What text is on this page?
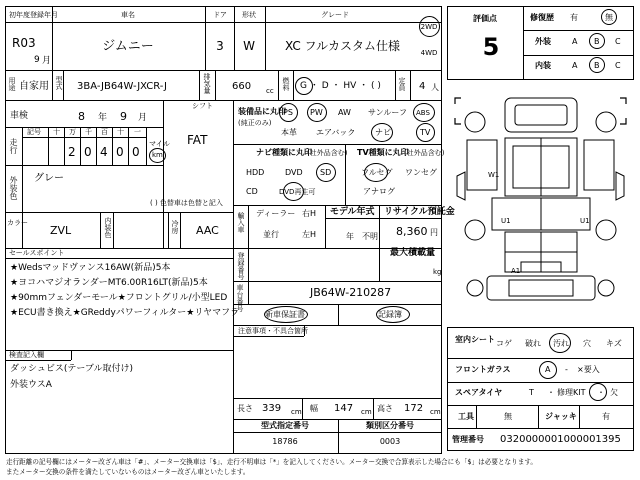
初年度登録年月
R03
9 月
車名
ジムニー
ドア
3
形状
W
グレード
XC フルカスタム仕様
2WD
4WD
用途 自家用 型式 3BA-JB64W-JXCR-J	排気量 660 cc 燃料 G ・ D ・ HV ・ ( ) 定員 4 人
車検	8 年 9 月
シフト
FAT
走行
記号 十 万 千 百 十 一
2 0 4 0 0
マイル
km
外装色 グレー
( ) 色替車は色替と記入
カラー
ZVL	内装色	冷房 AAC
装備品に丸印
(純正のみ)
PS PW AW サンルーフ ABS
本革 エアバック ナビ	TV
ナビ種類に丸印
(社外品含む)
HDD	DVD SD
CD	DVD再生可
TV種類に丸印
(社外品含む)
フルセグ ワンセグ
アナログ
輸入車 ディーラー
並行
右H
左H
モデル年式
年 不明
リサイクル預託金
8,360 円
登録番号	最大積載量
kg
車台番号	JB64W-210287
新車保証書	記録簿
注意事項・不具合箇所
セールスポイント
★Wedsマッドヴァンス16AW(新品)5本
★ヨコハマジオランダーMT6.00R16LT(新品)5本
★90mmフェンダーモール★フロントグリル/小型LED
★ECU書き換え★GReddyパワーフィルター★リヤマフラ
検査記入欄
ダッシュビス(テーブル取付け)
外装ウスA
長さ 339 cm 幅 147 cm 高さ 172 cm
型式指定番号
18786
類別区分番号
0003
評価点
5
修復歴 有	無
外装	A B C
内装	A B C
W1
U1	U1
A1
室内シート コゲ 破れ 汚れ 穴 キズ
フロントガラス	A - ×要入
スペアタイヤ	T ・ 修理KIT ・ 欠
工具	無	ジャッキ	有
管理番号 0320000001000001395
走行距離の記号欄にはメーター改ざん車は「#」、メーター交換車は「$」、走行不明車は「*」を記入してください。メーター交換で合算表示した場合にも「$」は必要となります。
またメーター交換の条件を満たしていないものはメーター改ざん車といたします。
